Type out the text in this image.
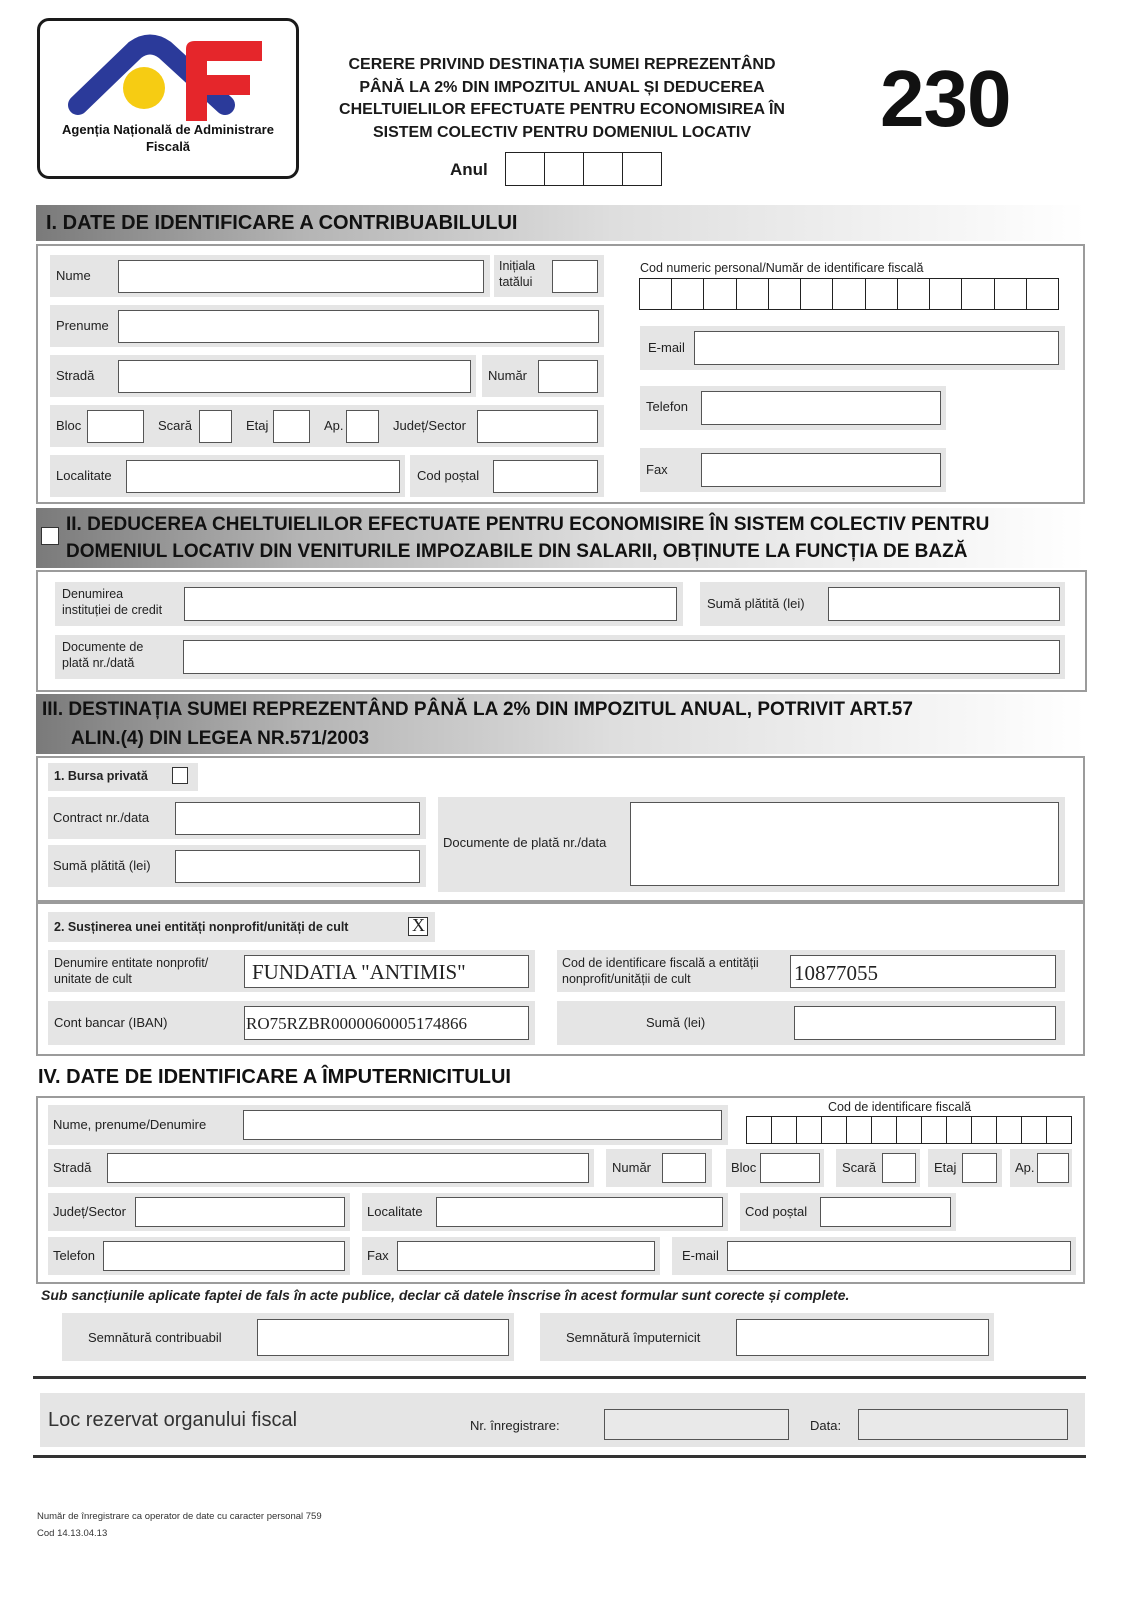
Agenția Națională de Administrare Fiscală
CERERE PRIVIND DESTINAȚIA SUMEI REPREZENTÂND
PÂNĂ LA 2% DIN IMPOZITUL ANUAL ȘI DEDUCEREA
CHELTUIELILOR EFECTUATE PENTRU ECONOMISIREA ÎN
SISTEM COLECTIV PENTRU DOMENIUL LOCATIV	230
Anul
I. DATE DE IDENTIFICARE A CONTRIBUABILULUI
Nume
Inițiala
tatălui
Prenume
Stradă	Număr
Bloc	Scară	Etaj	Ap.	Județ/Sector
Localitate	Cod poștal
Cod numeric personal/Număr de identificare fiscală
E-mail
Telefon
Fax
II. DEDUCEREA CHELTUIELILOR EFECTUATE PENTRU ECONOMISIRE ÎN SISTEM COLECTIV PENTRU
DOMENIUL LOCATIV DIN VENITURILE IMPOZABILE DIN SALARII, OBȚINUTE LA FUNCȚIA DE BAZĂ
Denumirea
instituției de credit	Sumă plătită (lei)
Documente de
plată nr./dată
III. DESTINAȚIA SUMEI REPREZENTÂND PÂNĂ LA 2% DIN IMPOZITUL ANUAL, POTRIVIT ART.57
ALIN.(4) DIN LEGEA NR.571/2003
1. Bursa privată
Contract nr./data
Sumă plătită (lei)
Documente de plată nr./data
2. Susținerea unei entități nonprofit/unități de cult	X
Denumire entitate nonprofit/
unitate de cult	FUNDATIA "ANTIMIS"	Cod de identificare fiscală a entității
nonprofit/unității de cult	10877055
Cont bancar (IBAN)	RO75RZBR0000060005174866	Sumă (lei)
IV. DATE DE IDENTIFICARE A ÎMPUTERNICITULUI
Nume, prenume/Denumire
Cod de identificare fiscală
Stradă	Număr	Bloc	Scară	Etaj	Ap.
Județ/Sector	Localitate	Cod poștal
Telefon	Fax	E-mail
Sub sancțiunile aplicate faptei de fals în acte publice, declar că datele înscrise în acest formular sunt corecte și complete.
Semnătură contribuabil	Semnătură împuternicit
Loc rezervat organului fiscal	Nr. înregistrare:	Data:
Număr de înregistrare ca operator de date cu caracter personal 759
Cod 14.13.04.13
